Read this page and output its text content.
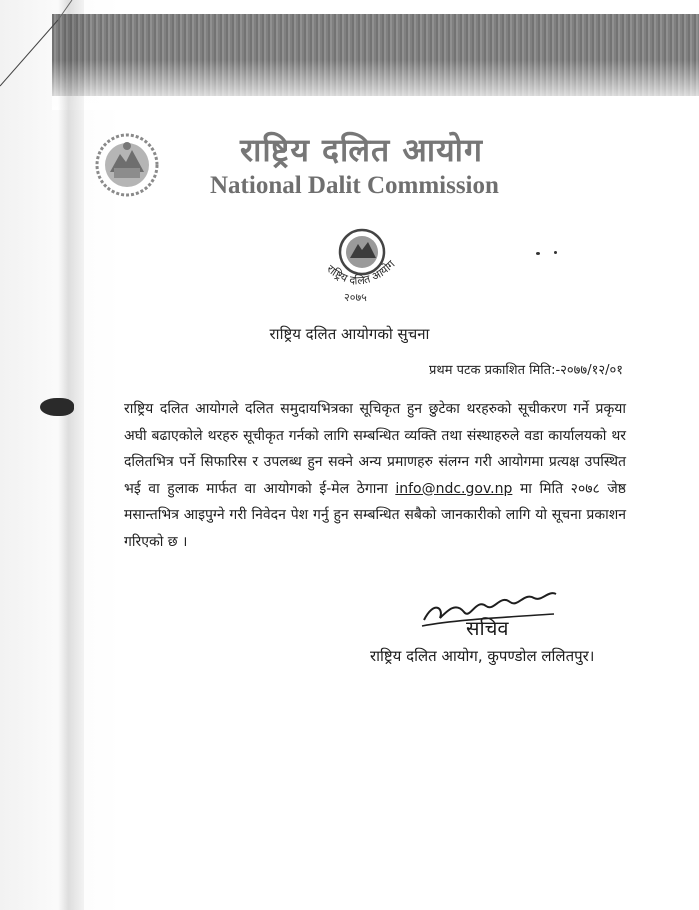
राष्ट्रिय दलित आयोग
National Dalit Commission
राष्ट्रिय दलित आयोग
२०७५
राष्ट्रिय दलित आयोगको सुचना
प्रथम पटक प्रकाशित मिति:-२०७७/१२/०१
राष्ट्रिय दलित आयोगले दलित समुदायभित्रका सूचिकृत हुन छुटेका थरहरुको सूचीकरण गर्ने प्रकृया अघी बढाएकोले थरहरु सूचीकृत गर्नको लागि सम्बन्धित व्यक्ति तथा संस्थाहरुले वडा कार्यालयको थर दलितभित्र पर्ने सिफारिस र उपलब्ध हुन सक्ने अन्य प्रमाणहरु संलग्न गरी आयोगमा प्रत्यक्ष उपस्थित भई वा हुलाक मार्फत वा आयोगको ई-मेल ठेगाना info@ndc.gov.np मा मिति २०७८ जेष्ठ मसान्तभित्र आइपुग्ने गरी निवेदन पेश गर्नु हुन सम्बन्धित सबैको जानकारीको लागि यो सूचना प्रकाशन गरिएको छ ।
सचिव
राष्ट्रिय दलित आयोग, कुपण्डोल ललितपुर।
